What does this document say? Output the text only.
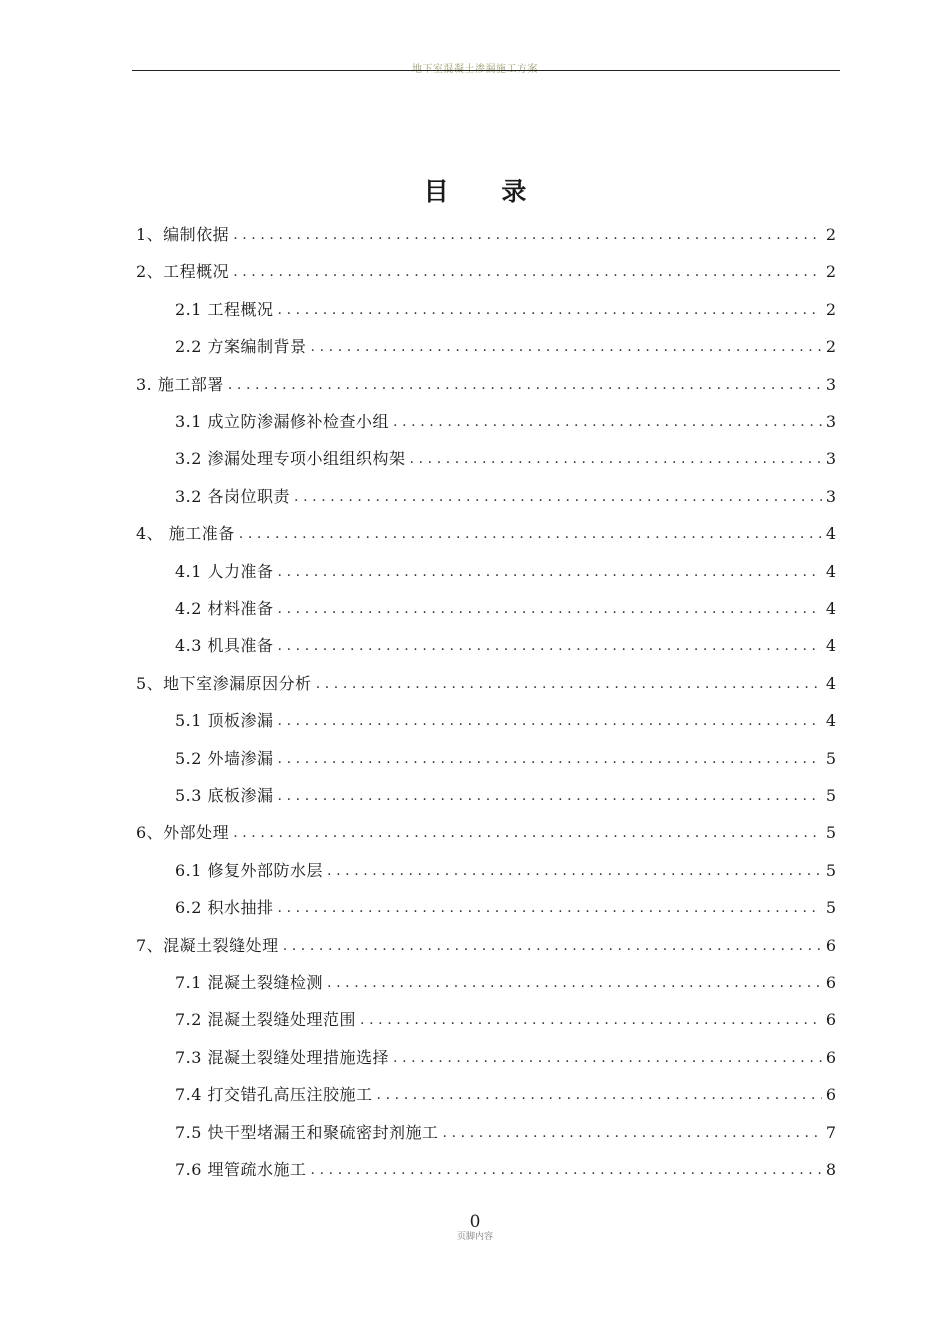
地下室混凝土渗漏施工方案
目 录
1、编制依据 .....	2
2、工程概况 .....	2
2.1 工程概况 .....	2
2.2 方案编制背景 .....	2
3. 施工部署 .....	3
3.1 成立防渗漏修补检查小组 .....	3
3.2 渗漏处理专项小组组织构架 .....	3
3.2 各岗位职责 .....	3
4、 施工准备 .....	4
4.1 人力准备 .....	4
4.2 材料准备 .....	4
4.3 机具准备 .....	4
5、地下室渗漏原因分析 .....	4
5.1 顶板渗漏 .....	4
5.2 外墙渗漏 .....	5
5.3 底板渗漏 .....	5
6、外部处理 .....	5
6.1 修复外部防水层 .....	5
6.2 积水抽排 .....	5
7、混凝土裂缝处理 .....	6
7.1 混凝土裂缝检测 .....	6
7.2 混凝土裂缝处理范围 .....	6
7.3 混凝土裂缝处理措施选择 .....	6
7.4 打交错孔高压注胶施工 .....	6
7.5 快干型堵漏王和聚硫密封剂施工 .....	7
7.6 埋管疏水施工 .....	8
0
页脚内容
